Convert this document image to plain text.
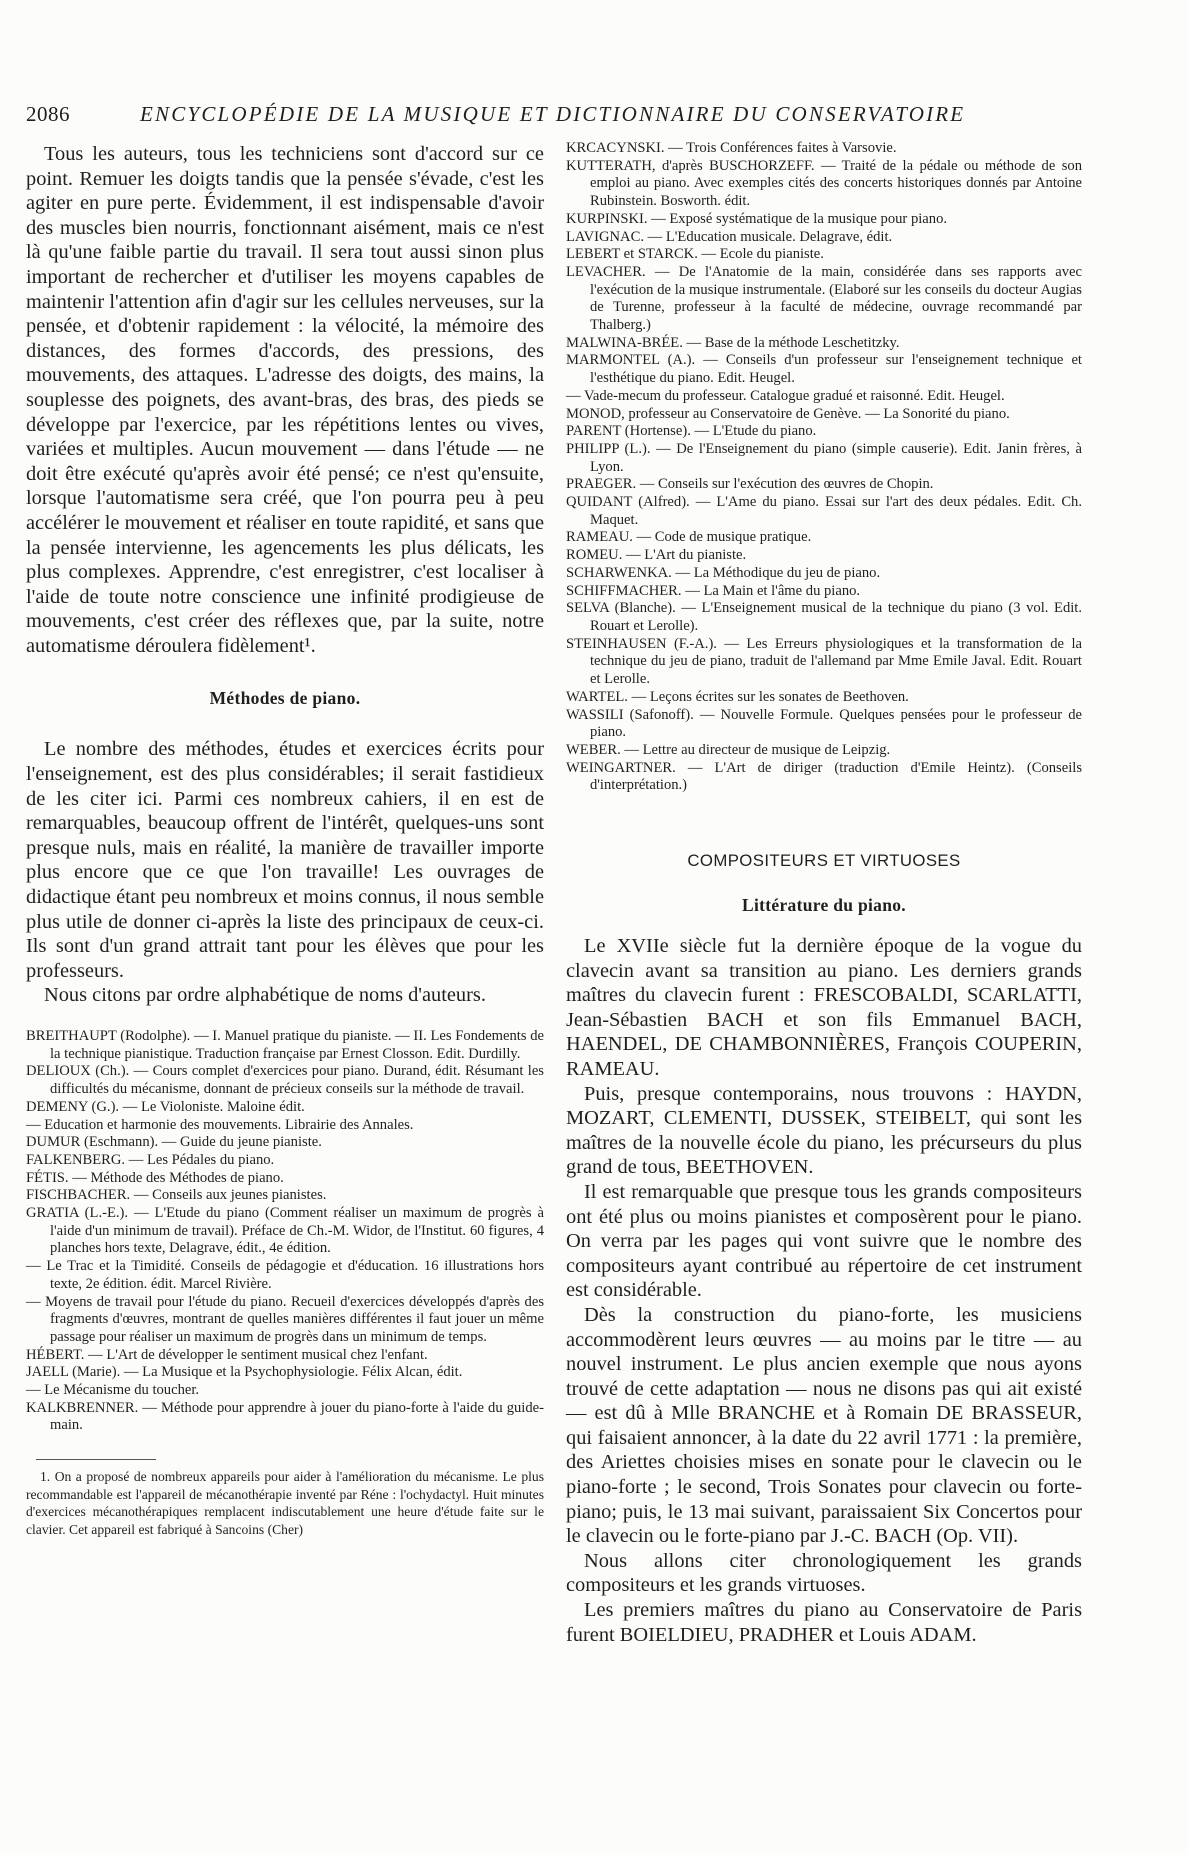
2086	ENCYCLOPÉDIE DE LA MUSIQUE ET DICTIONNAIRE DU CONSERVATOIRE

Tous les auteurs, tous les techniciens sont d'accord sur ce point. Remuer les doigts tandis que la pensée s'évade, c'est les agiter en pure perte. Évidemment, il est indispensable d'avoir des muscles bien nourris, fonctionnant aisément, mais ce n'est là qu'une faible partie du travail. Il sera tout aussi sinon plus important de rechercher et d'utiliser les moyens capables de maintenir l'attention afin d'agir sur les cellules nerveuses, sur la pensée, et d'obtenir rapidement : la vélocité, la mémoire des distances, des formes d'accords, des pressions, des mouvements, des attaques. L'adresse des doigts, des mains, la souplesse des poignets, des avant-bras, des bras, des pieds se développe par l'exercice, par les répétitions lentes ou vives, variées et multiples. Aucun mouvement — dans l'étude — ne doit être exécuté qu'après avoir été pensé; ce n'est qu'ensuite, lorsque l'automatisme sera créé, que l'on pourra peu à peu accélérer le mouvement et réaliser en toute rapidité, et sans que la pensée intervienne, les agencements les plus délicats, les plus complexes. Apprendre, c'est enregistrer, c'est localiser à l'aide de toute notre conscience une infinité prodigieuse de mouvements, c'est créer des réflexes que, par la suite, notre automatisme déroulera fidèlement¹.

Méthodes de piano.

Le nombre des méthodes, études et exercices écrits pour l'enseignement, est des plus considérables; il serait fastidieux de les citer ici. Parmi ces nombreux cahiers, il en est de remarquables, beaucoup offrent de l'intérêt, quelques-uns sont presque nuls, mais en réalité, la manière de travailler importe plus encore que ce que l'on travaille! Les ouvrages de didactique étant peu nombreux et moins connus, il nous semble plus utile de donner ci-après la liste des principaux de ceux-ci. Ils sont d'un grand attrait tant pour les élèves que pour les professeurs.

Nous citons par ordre alphabétique de noms d'auteurs.

BREITHAUPT (Rodolphe). — I. Manuel pratique du pianiste. — II. Les Fondements de la technique pianistique. Traduction française par Ernest Closson. Edit. Durdilly.

DELIOUX (Ch.). — Cours complet d'exercices pour piano. Durand, édit. Résumant les difficultés du mécanisme, donnant de précieux conseils sur la méthode de travail.

DEMENY (G.). — Le Violoniste. Maloine édit.

— Education et harmonie des mouvements. Librairie des Annales.

DUMUR (Eschmann). — Guide du jeune pianiste.

FALKENBERG. — Les Pédales du piano.

FÉTIS. — Méthode des Méthodes de piano.

FISCHBACHER. — Conseils aux jeunes pianistes.

GRATIA (L.-E.). — L'Etude du piano (Comment réaliser un maximum de progrès à l'aide d'un minimum de travail). Préface de Ch.-M. Widor, de l'Institut. 60 figures, 4 planches hors texte, Delagrave, édit., 4e édition.

— Le Trac et la Timidité. Conseils de pédagogie et d'éducation. 16 illustrations hors texte, 2e édition. édit. Marcel Rivière.

— Moyens de travail pour l'étude du piano. Recueil d'exercices développés d'après des fragments d'œuvres, montrant de quelles manières différentes il faut jouer un même passage pour réaliser un maximum de progrès dans un minimum de temps.

HÉBERT. — L'Art de développer le sentiment musical chez l'enfant.

JAELL (Marie). — La Musique et la Psychophysiologie. Félix Alcan, édit.

— Le Mécanisme du toucher.

KALKBRENNER. — Méthode pour apprendre à jouer du piano-forte à l'aide du guide-main.

1. On a proposé de nombreux appareils pour aider à l'amélioration du mécanisme. Le plus recommandable est l'appareil de mécanothérapie inventé par Réne : l'ochydactyl. Huit minutes d'exercices mécanothérapiques remplacent indiscutablement une heure d'étude faite sur le clavier. Cet appareil est fabriqué à Sancoins (Cher)

KRCACYNSKI. — Trois Conférences faites à Varsovie.

KUTTERATH, d'après BUSCHORZEFF. — Traité de la pédale ou méthode de son emploi au piano. Avec exemples cités des concerts historiques donnés par Antoine Rubinstein. Bosworth. édit.

KURPINSKI. — Exposé systématique de la musique pour piano.

LAVIGNAC. — L'Education musicale. Delagrave, édit.

LEBERT et STARCK. — Ecole du pianiste.

LEVACHER. — De l'Anatomie de la main, considérée dans ses rapports avec l'exécution de la musique instrumentale. (Elaboré sur les conseils du docteur Augias de Turenne, professeur à la faculté de médecine, ouvrage recommandé par Thalberg.)

MALWINA-BRÉE. — Base de la méthode Leschetitzky.

MARMONTEL (A.). — Conseils d'un professeur sur l'enseignement technique et l'esthétique du piano. Edit. Heugel.

— Vade-mecum du professeur. Catalogue gradué et raisonné. Edit. Heugel.

MONOD, professeur au Conservatoire de Genève. — La Sonorité du piano.

PARENT (Hortense). — L'Etude du piano.

PHILIPP (L.). — De l'Enseignement du piano (simple causerie). Edit. Janin frères, à Lyon.

PRAEGER. — Conseils sur l'exécution des œuvres de Chopin.

QUIDANT (Alfred). — L'Ame du piano. Essai sur l'art des deux pédales. Edit. Ch. Maquet.

RAMEAU. — Code de musique pratique.

ROMEU. — L'Art du pianiste.

SCHARWENKA. — La Méthodique du jeu de piano.

SCHIFFMACHER. — La Main et l'âme du piano.

SELVA (Blanche). — L'Enseignement musical de la technique du piano (3 vol. Edit. Rouart et Lerolle).

STEINHAUSEN (F.-A.). — Les Erreurs physiologiques et la transformation de la technique du jeu de piano, traduit de l'allemand par Mme Emile Javal. Edit. Rouart et Lerolle.

WARTEL. — Leçons écrites sur les sonates de Beethoven.

WASSILI (Safonoff). — Nouvelle Formule. Quelques pensées pour le professeur de piano.

WEBER. — Lettre au directeur de musique de Leipzig.

WEINGARTNER. — L'Art de diriger (traduction d'Emile Heintz). (Conseils d'interprétation.)

COMPOSITEURS ET VIRTUOSES

Littérature du piano.

Le XVIIe siècle fut la dernière époque de la vogue du clavecin avant sa transition au piano. Les derniers grands maîtres du clavecin furent : FRESCOBALDI, SCARLATTI, Jean-Sébastien BACH et son fils Emmanuel BACH, HAENDEL, DE CHAMBONNIÈRES, François COUPERIN, RAMEAU.

Puis, presque contemporains, nous trouvons : HAYDN, MOZART, CLEMENTI, DUSSEK, STEIBELT, qui sont les maîtres de la nouvelle école du piano, les précurseurs du plus grand de tous, BEETHOVEN.

Il est remarquable que presque tous les grands compositeurs ont été plus ou moins pianistes et composèrent pour le piano. On verra par les pages qui vont suivre que le nombre des compositeurs ayant contribué au répertoire de cet instrument est considérable.

Dès la construction du piano-forte, les musiciens accommodèrent leurs œuvres — au moins par le titre — au nouvel instrument. Le plus ancien exemple que nous ayons trouvé de cette adaptation — nous ne disons pas qui ait existé — est dû à Mlle BRANCHE et à Romain DE BRASSEUR, qui faisaient annoncer, à la date du 22 avril 1771 : la première, des Ariettes choisies mises en sonate pour le clavecin ou le piano-forte ; le second, Trois Sonates pour clavecin ou forte-piano; puis, le 13 mai suivant, paraissaient Six Concertos pour le clavecin ou le forte-piano par J.-C. BACH (Op. VII).

Nous allons citer chronologiquement les grands compositeurs et les grands virtuoses.

Les premiers maîtres du piano au Conservatoire de Paris furent BOIELDIEU, PRADHER et Louis ADAM.
